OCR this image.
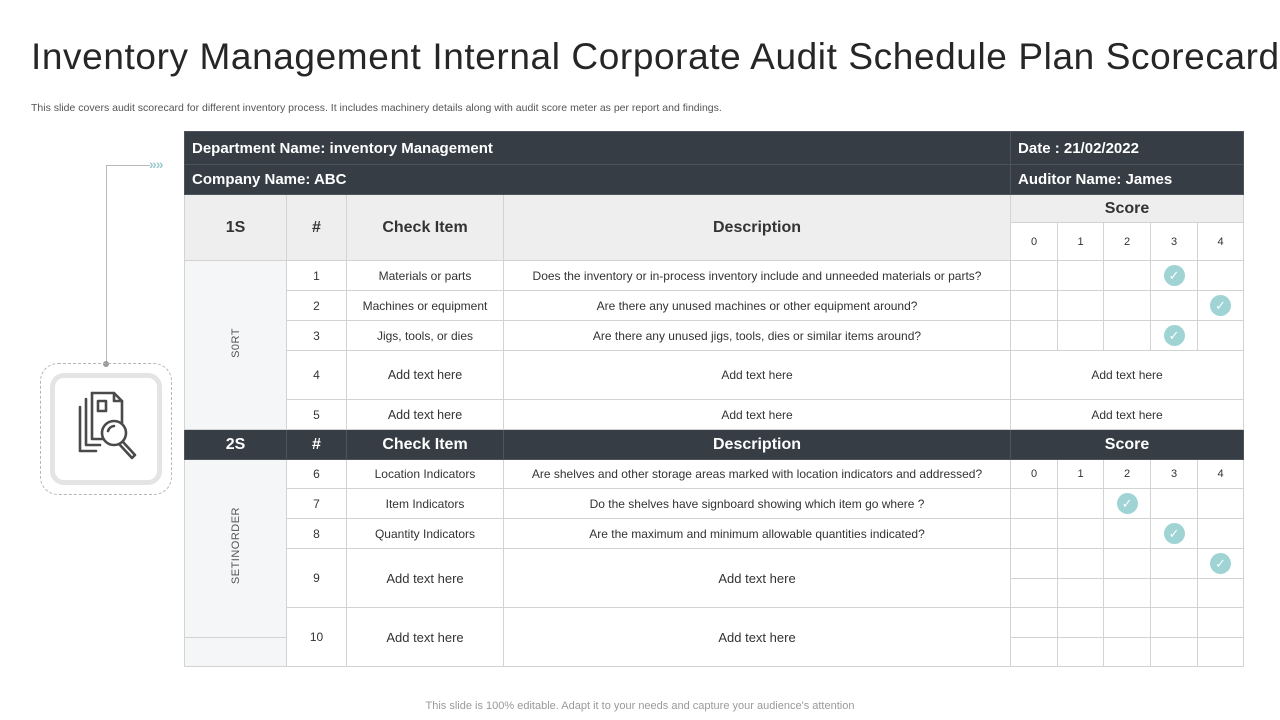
Inventory Management Internal Corporate Audit Schedule Plan Scorecard
This slide covers audit scorecard for different inventory process. It includes machinery details along with audit score meter as per report and findings.
»»
Department Name: inventory Management				Date : 21/02/2022				
Company Name: ABC				Auditor Name: James				
1S	#	Check Item	Description	Score				
				0	1	2	3	4
S0RT	1	Materials or parts	Does the inventory or in-process inventory include and unneeded materials or parts?				✓	
	2	Machines or equipment	Are there any unused machines or other equipment around?					✓
	3	Jigs, tools, or dies	Are there any unused jigs, tools, dies or similar items around?				✓	
	4	Add text here	Add text here	Add text here				
	5	Add text here	Add text here	Add text here				
2S	#	Check Item	Description	Score				
SETINORDER	6	Location Indicators	Are shelves and other storage areas marked with location indicators and addressed?	0	1	2	3	4
	7	Item Indicators	Do the shelves have signboard showing which item go where ?			✓		
	8	Quantity Indicators	Are the maximum and minimum allowable quantities indicated?				✓	
	9	Add text here	Add text here					✓

	10	Add text here	Add text here					

This slide is 100% editable. Adapt it to your needs and capture your audience's attention
